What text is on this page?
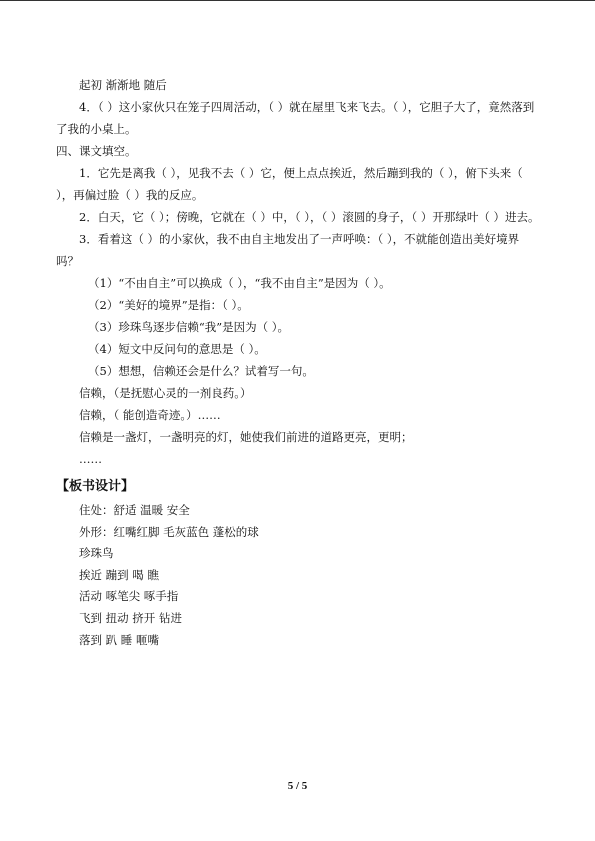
起初 渐渐地 随后
4．（ ）这小家伙只在笼子四周活动，（ ）就在屋里飞来飞去。（ ），它胆子大了，竟然落到了我的小桌上。
四、课文填空。
1．它先是离我（ ），见我不去（ ）它，便上点点挨近，然后蹦到我的（ ），俯下头来（ ），再偏过脸（ ）我的反应。
2．白天，它（ ）；傍晚，它就在（ ）中，（ ），（ ）滚圆的身子，（ ）开那绿叶（ ）进去。
3．看着这（ ）的小家伙，我不由自主地发出了一声呼唤：（ ），不就能创造出美好境界吗？
（1）“不由自主”可以换成（ ），“我不由自主”是因为（ ）。
（2）“美好的境界”是指：（ ）。
（3）珍珠鸟逐步信赖“我”是因为（ ）。
（4）短文中反问句的意思是（ ）。
（5）想想，信赖还会是什么？试着写一句。
信赖，（是抚慰心灵的一剂良药。）
信赖，（ 能创造奇迹。）……
信赖是一盏灯，一盏明亮的灯，她使我们前进的道路更亮，更明；
……
【板书设计】
住处：舒适 温暖 安全
外形：红嘴红脚 毛灰蓝色 蓬松的球
珍珠鸟
挨近 蹦到 喝 瞧
活动 啄笔尖 啄手指
飞到 扭动 挤开 钻进
落到 趴 睡 咂嘴
5 / 5
